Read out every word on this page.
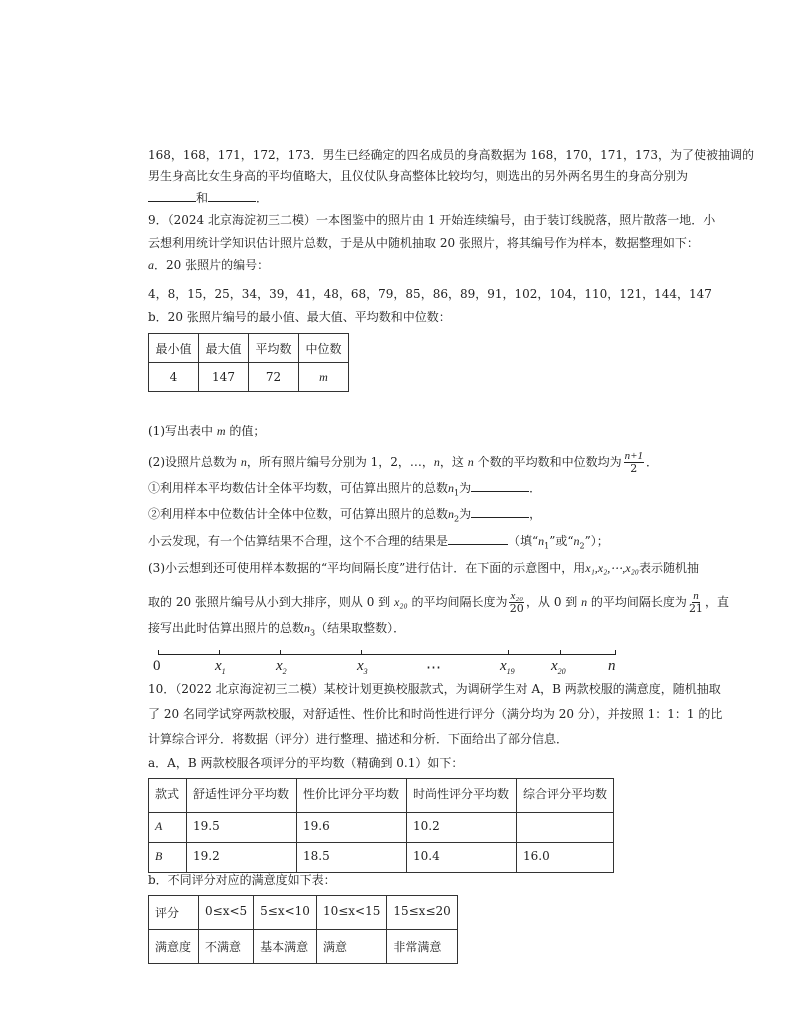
168，168，171，172，173．男生已经确定的四名成员的身高数据为 168，170，171，173，为了使被抽调的
男生身高比女生身高的平均值略大，且仪仗队身高整体比较均匀，则选出的另外两名男生的身高分别为
和	．
9．（2024 北京海淀初三二模）一本图鉴中的照片由 1 开始连续编号，由于装订线脱落，照片散落一地．小
云想利用统计学知识估计照片总数，于是从中随机抽取 20 张照片，将其编号作为样本，数据整理如下：
a．20 张照片的编号：
4，8，15，25，34，39，41，48，68，79，85，86，89，91，102，104，110，121，144，147
b．20 张照片编号的最小值、最大值、平均数和中位数：
最小值	最大值	平均数	中位数
4	147	72	m
(1)写出表中 m 的值；
(2)设照片总数为 n，所有照片编号分别为 1，2，…，n，这 n 个数的平均数和中位数均为 $\frac{n+1}{2}$ ．
①利用样本平均数估计全体平均数，可估算出照片的总数$n_1$为	．
②利用样本中位数估计全体中位数，可估算出照片的总数$n_2$为	，
小云发现，有一个估算结果不合理，这个不合理的结果是	（填“$n_1$”或“$n_2$”）；
(3)小云想到还可使用样本数据的“平均间隔长度”进行估计．在下面的示意图中，用x₁,x₂,⋯,x₂₀表示随机抽
取的 20 张照片编号从小到大排序，则从 0 到 x₂₀ 的平均间隔长度为 $\frac{\text{x₂₀}}{20}$ ，从 0 到 n 的平均间隔长度为 $\frac{n}{21}$ ，直
接写出此时估算出照片的总数$n_3$（结果取整数）．
0	$x_1$	$x_2$	$x_3$	⋯	$x_{19}$ $x_{20}$	n
10．（2022 北京海淀初三二模）某校计划更换校服款式，为调研学生对 A，B 两款校服的满意度，随机抽取
了 20 名同学试穿两款校服，对舒适性、性价比和时尚性进行评分（满分均为 20 分），并按照 1：1：1 的比
计算综合评分．将数据（评分）进行整理、描述和分析．下面给出了部分信息．
a．A，B 两款校服各项评分的平均数（精确到 0.1）如下：
款式	舒适性评分平均数	性价比评分平均数	时尚性评分平均数	综合评分平均数
A	19.5	19.6	10.2	
B	19.2	18.5	10.4	16.0
b．不同评分对应的满意度如下表：
评分	0≤x<5	5≤x<10	10≤x<15	15≤x≤20
满意度	不满意	基本满意	满意	非常满意
